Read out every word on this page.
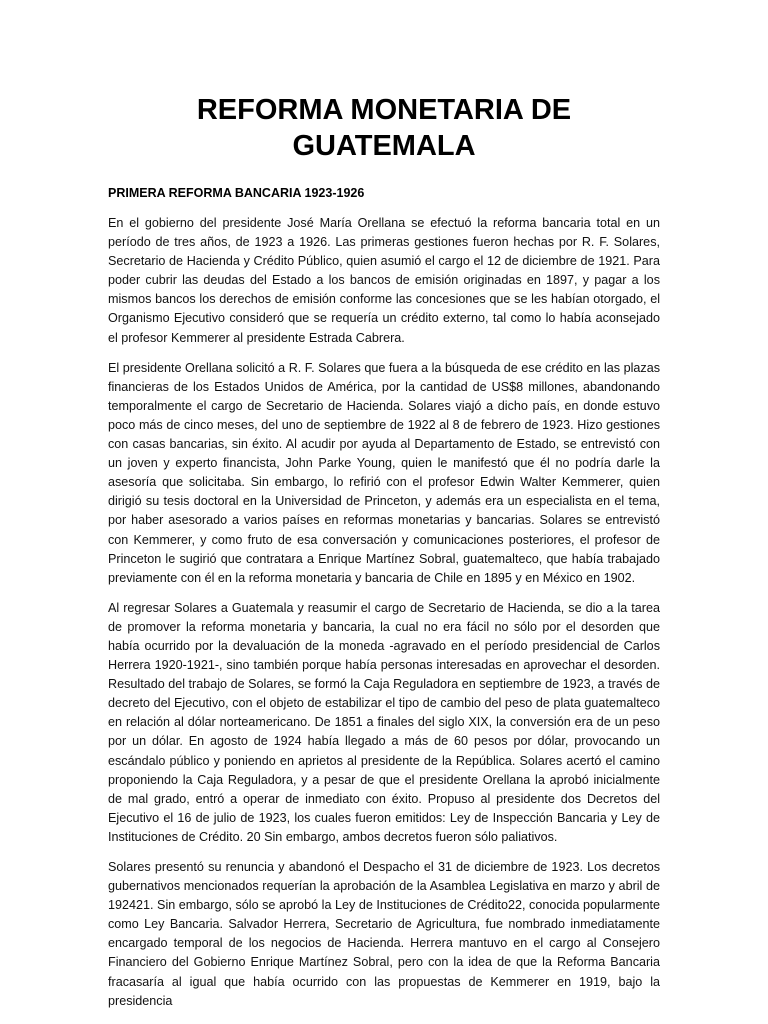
REFORMA MONETARIA DE GUATEMALA
PRIMERA REFORMA BANCARIA 1923-1926

En el gobierno del presidente José María Orellana se efectuó la reforma bancaria total en un período de tres años, de 1923 a 1926. Las primeras gestiones fueron hechas por R. F. Solares, Secretario de Hacienda y Crédito Público, quien asumió el cargo el 12 de diciembre de 1921. Para poder cubrir las deudas del Estado a los bancos de emisión originadas en 1897, y pagar a los mismos bancos los derechos de emisión conforme las concesiones que se les habían otorgado, el Organismo Ejecutivo consideró que se requería un crédito externo, tal como lo había aconsejado el profesor Kemmerer al presidente Estrada Cabrera.

El presidente Orellana solicitó a R. F. Solares que fuera a la búsqueda de ese crédito en las plazas financieras de los Estados Unidos de América, por la cantidad de US$8 millones, abandonando temporalmente el cargo de Secretario de Hacienda. Solares viajó a dicho país, en donde estuvo poco más de cinco meses, del uno de septiembre de 1922 al 8 de febrero de 1923. Hizo gestiones con casas bancarias, sin éxito. Al acudir por ayuda al Departamento de Estado, se entrevistó con un joven y experto financista, John Parke Young, quien le manifestó que él no podría darle la asesoría que solicitaba. Sin embargo, lo refirió con el profesor Edwin Walter Kemmerer, quien dirigió su tesis doctoral en la Universidad de Princeton, y además era un especialista en el tema, por haber asesorado a varios países en reformas monetarias y bancarias. Solares se entrevistó con Kemmerer, y como fruto de esa conversación y comunicaciones posteriores, el profesor de Princeton le sugirió que contratara a Enrique Martínez Sobral, guatemalteco, que había trabajado previamente con él en la reforma monetaria y bancaria de Chile en 1895 y en México en 1902.

Al regresar Solares a Guatemala y reasumir el cargo de Secretario de Hacienda, se dio a la tarea de promover la reforma monetaria y bancaria, la cual no era fácil no sólo por el desorden que había ocurrido por la devaluación de la moneda -agravado en el período presidencial de Carlos Herrera 1920-1921-, sino también porque había personas interesadas en aprovechar el desorden. Resultado del trabajo de Solares, se formó la Caja Reguladora en septiembre de 1923, a través de decreto del Ejecutivo, con el objeto de estabilizar el tipo de cambio del peso de plata guatemalteco en relación al dólar norteamericano. De 1851 a finales del siglo XIX, la conversión era de un peso por un dólar. En agosto de 1924 había llegado a más de 60 pesos por dólar, provocando un escándalo público y poniendo en aprietos al presidente de la República. Solares acertó el camino proponiendo la Caja Reguladora, y a pesar de que el presidente Orellana la aprobó inicialmente de mal grado, entró a operar de inmediato con éxito. Propuso al presidente dos Decretos del Ejecutivo el 16 de julio de 1923, los cuales fueron emitidos: Ley de Inspección Bancaria y Ley de Instituciones de Crédito. 20 Sin embargo, ambos decretos fueron sólo paliativos.

Solares presentó su renuncia y abandonó el Despacho el 31 de diciembre de 1923. Los decretos gubernativos mencionados requerían la aprobación de la Asamblea Legislativa en marzo y abril de 192421. Sin embargo, sólo se aprobó la Ley de Instituciones de Crédito22, conocida popularmente como Ley Bancaria. Salvador Herrera, Secretario de Agricultura, fue nombrado inmediatamente encargado temporal de los negocios de Hacienda. Herrera mantuvo en el cargo al Consejero Financiero del Gobierno Enrique Martínez Sobral, pero con la idea de que la Reforma Bancaria fracasaría al igual que había ocurrido con las propuestas de Kemmerer en 1919, bajo la presidencia
